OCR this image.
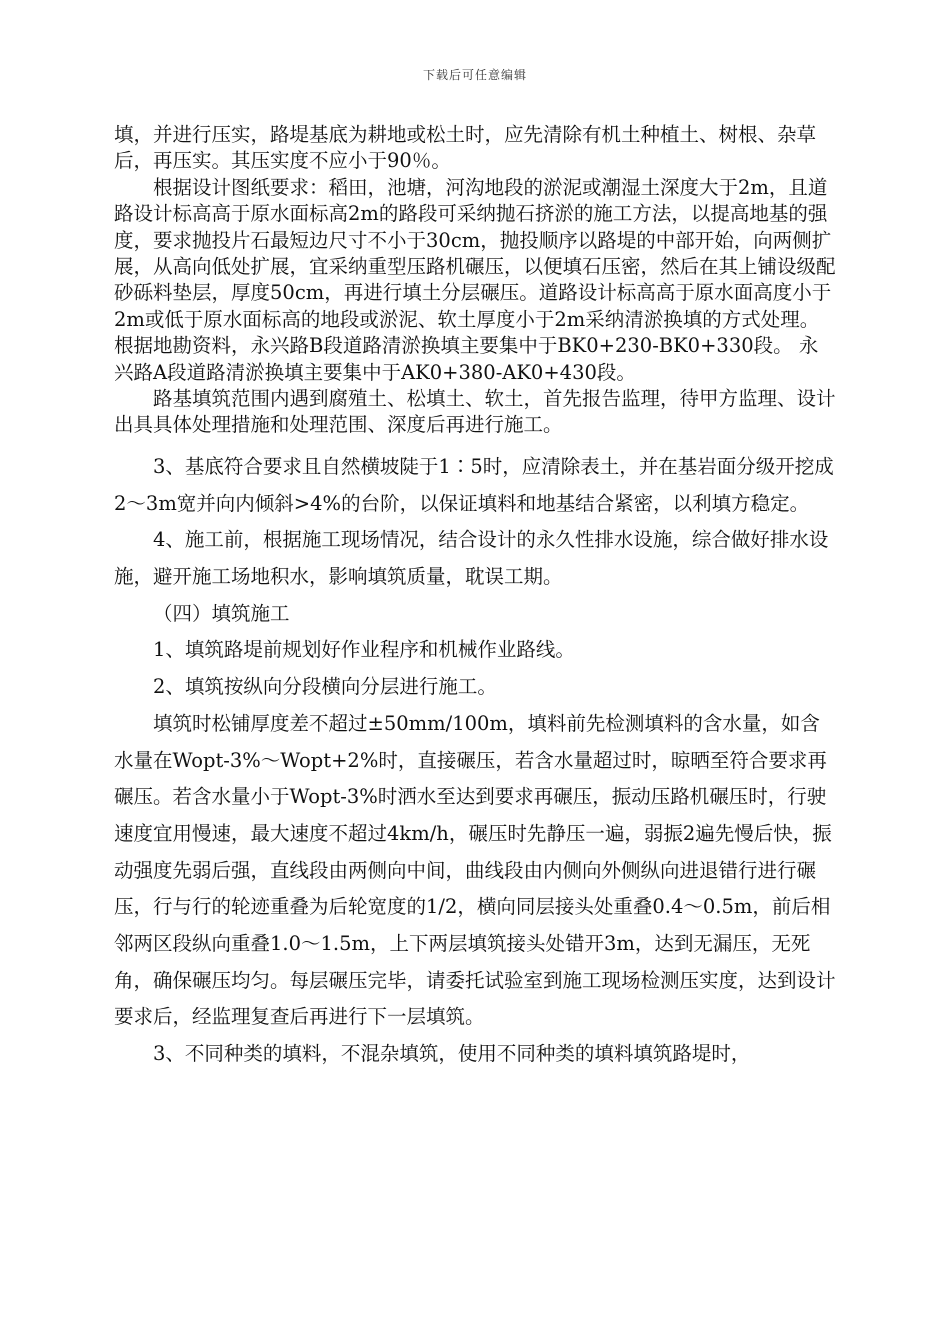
下载后可任意编辑

填，并进行压实，路堤基底为耕地或松土时，应先清除有机土种植土、树根、杂草后，再压实。其压实度不应小于90％。

根据设计图纸要求：稻田，池塘，河沟地段的淤泥或潮湿土深度大于2m，且道路设计标高高于原水面标高2m的路段可采纳抛石挤淤的施工方法，以提高地基的强度，要求抛投片石最短边尺寸不小于30cm，抛投顺序以路堤的中部开始，向两侧扩展，从高向低处扩展，宜采纳重型压路机碾压，以便填石压密，然后在其上铺设级配砂砾料垫层，厚度50cm，再进行填土分层碾压。道路设计标高高于原水面高度小于2m或低于原水面标高的地段或淤泥、软土厚度小于2m采纳清淤换填的方式处理。根据地勘资料，永兴路B段道路清淤换填主要集中于BK0+230-BK0+330段。 永兴路A段道路清淤换填主要集中于AK0+380-AK0+430段。

路基填筑范围内遇到腐殖土、松填土、软土，首先报告监理，待甲方监理、设计出具具体处理措施和处理范围、深度后再进行施工。

3、基底符合要求且自然横坡陡于1∶5时，应清除表土，并在基岩面分级开挖成2～3m宽并向内倾斜>4%的台阶，以保证填料和地基结合紧密，以利填方稳定。

4、施工前，根据施工现场情况，结合设计的永久性排水设施，综合做好排水设施，避开施工场地积水，影响填筑质量，耽误工期。

（四）填筑施工

1、填筑路堤前规划好作业程序和机械作业路线。

2、填筑按纵向分段横向分层进行施工。

填筑时松铺厚度差不超过±50mm/100m，填料前先检测填料的含水量，如含水量在Wopt-3%～Wopt+2%时，直接碾压，若含水量超过时，晾晒至符合要求再碾压。若含水量小于Wopt-3%时洒水至达到要求再碾压，振动压路机碾压时，行驶速度宜用慢速，最大速度不超过4km/h，碾压时先静压一遍，弱振2遍先慢后快，振动强度先弱后强，直线段由两侧向中间，曲线段由内侧向外侧纵向进退错行进行碾压，行与行的轮迹重叠为后轮宽度的1/2，横向同层接头处重叠0.4～0.5m，前后相邻两区段纵向重叠1.0～1.5m，上下两层填筑接头处错开3m，达到无漏压，无死角，确保碾压均匀。每层碾压完毕，请委托试验室到施工现场检测压实度，达到设计要求后，经监理复查后再进行下一层填筑。

3、不同种类的填料，不混杂填筑，使用不同种类的填料填筑路堤时，
